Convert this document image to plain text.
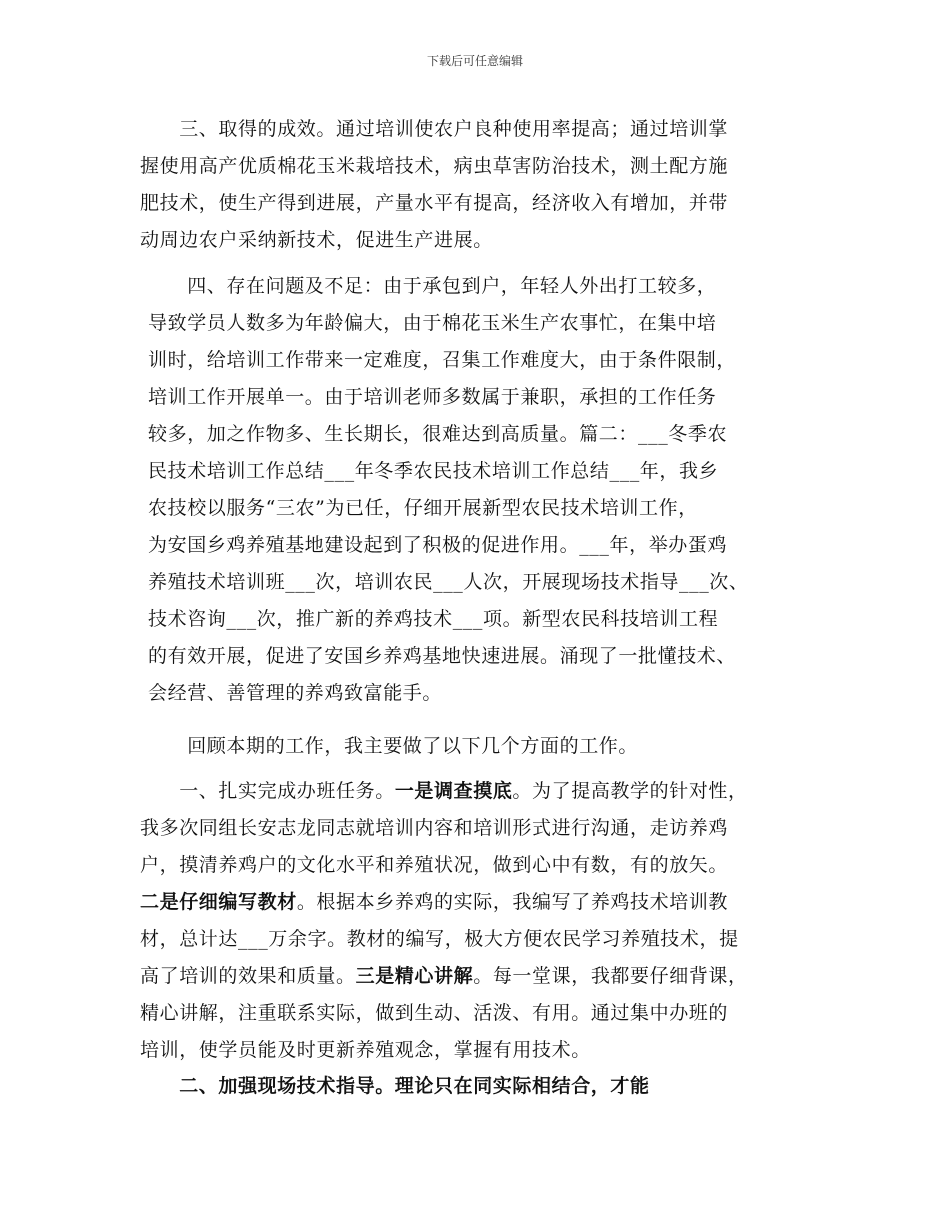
下载后可任意编辑

　　三、取得的成效。通过培训使农户良种使用率提高；通过培训掌
握使用高产优质棉花玉米栽培技术，病虫草害防治技术，测土配方施
肥技术，使生产得到进展，产量水平有提高，经济收入有增加，并带
动周边农户采纳新技术，促进生产进展。

　　四、存在问题及不足：由于承包到户，年轻人外出打工较多，
导致学员人数多为年龄偏大，由于棉花玉米生产农事忙，在集中培
训时，给培训工作带来一定难度，召集工作难度大，由于条件限制，
培训工作开展单一。由于培训老师多数属于兼职，承担的工作任务
较多，加之作物多、生长期长，很难达到高质量。篇二：___冬季农
民技术培训工作总结___年冬季农民技术培训工作总结___年，我乡
农技校以服务“三农”为已任，仔细开展新型农民技术培训工作，
为安国乡鸡养殖基地建设起到了积极的促进作用。___年，举办蛋鸡
养殖技术培训班___次，培训农民___人次，开展现场技术指导___次、
技术咨询___次，推广新的养鸡技术___项。新型农民科技培训工程
的有效开展，促进了安国乡养鸡基地快速进展。涌现了一批懂技术、
会经营、善管理的养鸡致富能手。

　　回顾本期的工作，我主要做了以下几个方面的工作。

　　一、扎实完成办班任务。一是调查摸底。为了提高教学的针对性，
我多次同组长安志龙同志就培训内容和培训形式进行沟通，走访养鸡
户，摸清养鸡户的文化水平和养殖状况，做到心中有数，有的放矢。
二是仔细编写教材。根据本乡养鸡的实际，我编写了养鸡技术培训教
材，总计达___万余字。教材的编写，极大方便农民学习养殖技术，提
高了培训的效果和质量。三是精心讲解。每一堂课，我都要仔细背课，
精心讲解，注重联系实际，做到生动、活泼、有用。通过集中办班的
培训，使学员能及时更新养殖观念，掌握有用技术。

　　二、加强现场技术指导。理论只在同实际相结合，才能
